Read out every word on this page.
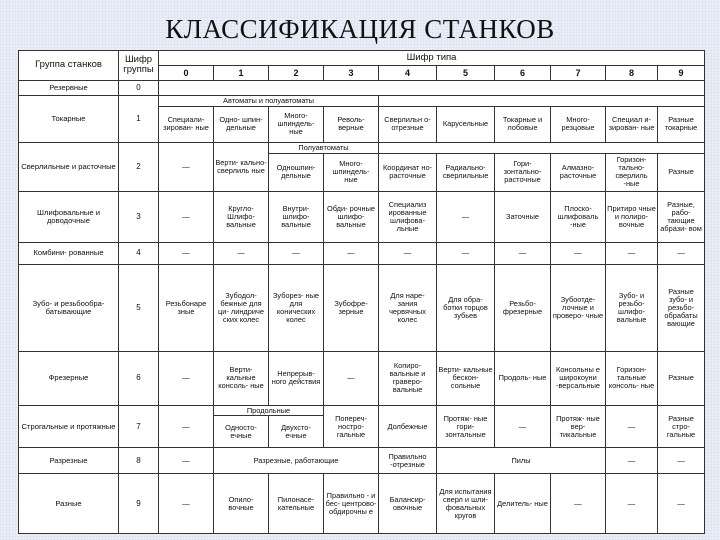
КЛАССИФИКАЦИЯ СТАНКОВ
Группа станков	Шифр группы	Шифр типа									
		0	1	2	3	4	5	6	7	8	9
Резервные	0										
Токарные	1	Автоматы и полуавтоматы									
		Специали- зирован- ные	Одно- шпин- дельные	Много- шпиндель- ные	Револь- верные	Сверлильн о-отрезные	Карусельные	Токарные и лобовые	Много- резцовые	Специал и- зирован- ные	Разные токарные
Сверлильные и расточные	2	—	Верти- кально- сверлиль ные	Полуавтоматы							
				Одношпин- дельные	Много- шпиндель- ные	Координат но- расточные	Радиально- сверлильные	Гори- зонтально- расточные	Алмазно- расточные	Горизон- тально- сверлиль -ные	Разные
Шлифовальные и доводочные	3	—	Кругло- Шлифо- вальные	Внутри- шлифо- вальные	Обди- рочные шлифо- вальные	Специализ ированные шлифова- льные	—	Заточные	Плоско- шлифоваль -ные	Притиро чные и полиро- вочные	Разные, рабо- тающие абрази- вом
Комбини- рованные	4	—	—	—	—	—	—	—	—	—	—
Зубо- и резьбообра- батывающие	5	Резьбонаре зные	Зубодол- бежные для ци- линдриче ских колес	Зуборез- ные для конических колес	Зубофре- зерные	Для наре- зания червячных колес	Для обра- ботки торцов зубьев	Резьбо- фрезерные	Зубоотде- лочные и проверо- чные	Зубо- и резьбо- шлифо- вальные	Разные зубо- и резьбо- обрабаты вающие
Фрезерные	6	—	Верти- кальные консоль- ные	Непрерыв- ного действия	—	Копиро- вальные и граверо- вальные	Верти- кальные бескон- сольные	Продоль- ные	Консольны е широкоуни -версальные	Горизон- тальные консоль- ные	Разные
Строгальные и протяжные	7	—	Продольные		Попереч- ностро- гальные	Долбежные	Протяж- ные гори- зонтальные	—	Протяж- ные вер- тикальные	—	Разные стро- гальные
			Односто- ечные	Двухсто- ечные							
Разрезные	8	—	Разрезные, работающие			Правильно -отрезные	Пилы			—	—
Разные	9	—	Опило- вочные	Пилонасе- кательные	Правильно - и бес- центрово- обдирочны е	Балансир- овочные	Для испытания сверл и шли- фовальных кругов	Делитель- ные	—	—	—
